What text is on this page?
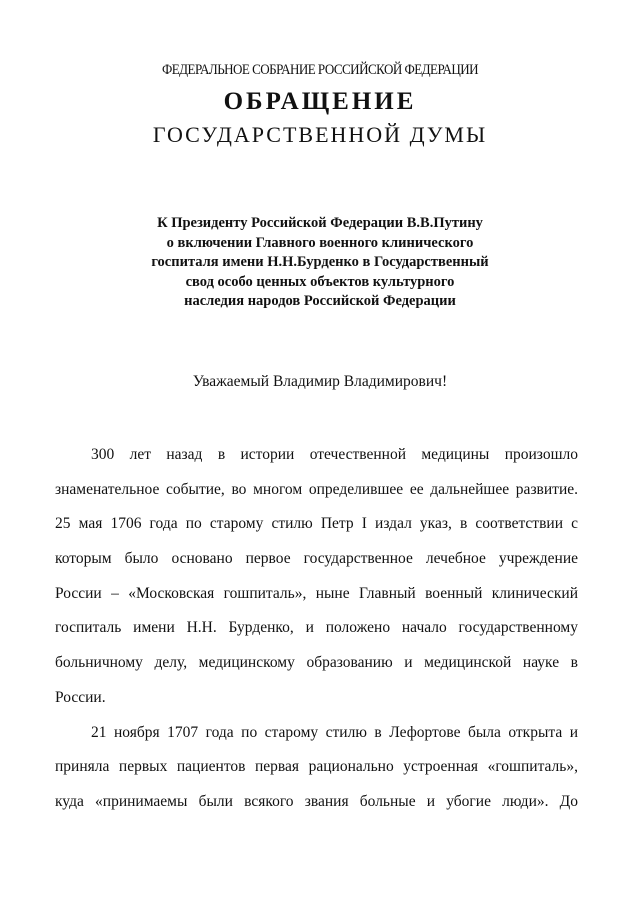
ФЕДЕРАЛЬНОЕ СОБРАНИЕ РОССИЙСКОЙ ФЕДЕРАЦИИ
ОБРАЩЕНИЕ
ГОСУДАРСТВЕННОЙ ДУМЫ
К Президенту Российской Федерации В.В.Путину
о включении Главного военного клинического
госпиталя имени Н.Н.Бурденко в Государственный
свод особо ценных объектов культурного
наследия народов Российской Федерации
Уважаемый Владимир Владимирович!
300 лет назад в истории отечественной медицины произошло
знаменательное событие, во многом определившее ее дальнейшее развитие.
25 мая 1706 года по старому стилю Петр I издал указ, в соответствии с
которым было основано первое государственное лечебное учреждение
России – «Московская гошпиталь», ныне Главный военный клинический
госпиталь имени Н.Н. Бурденко, и положено начало государственному
больничному делу, медицинскому образованию и медицинской науке в
России.
21 ноября 1707 года по старому стилю в Лефортове была открыта и
приняла первых пациентов первая рационально устроенная «гошпиталь»,
куда «принимаемы были всякого звания больные и убогие люди». До
